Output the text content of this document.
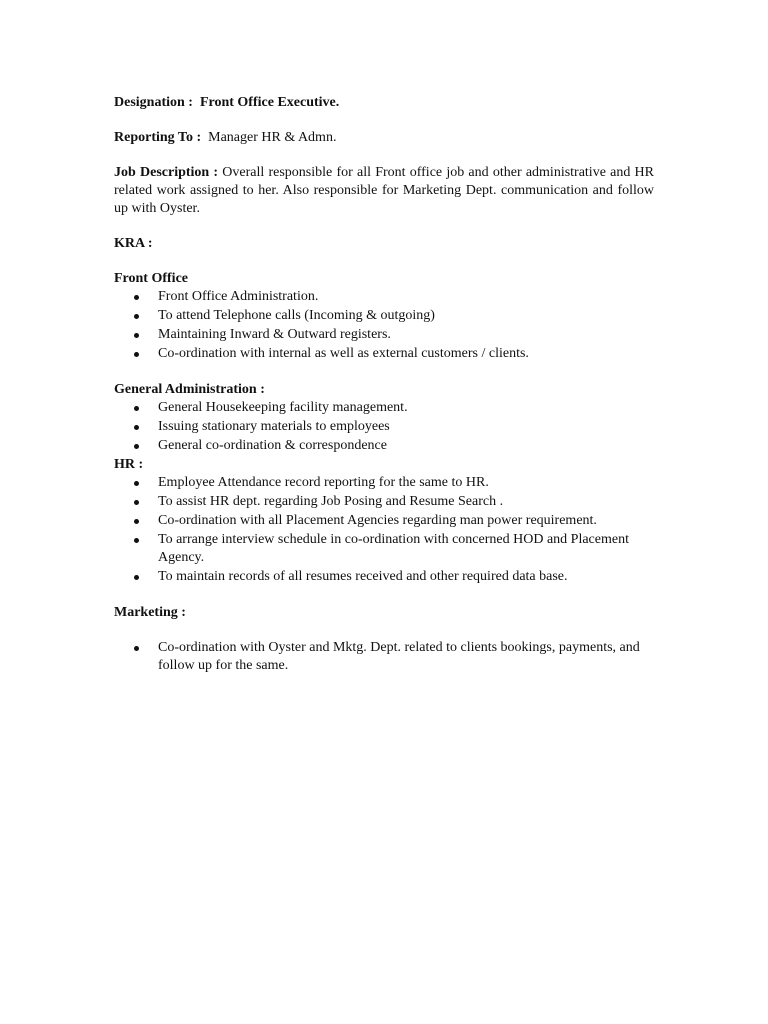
Designation : Front Office Executive.

Reporting To : Manager HR & Admn.

Job Description : Overall responsible for all Front office job and other administrative and HR related work assigned to her. Also responsible for Marketing Dept. communication and follow up with Oyster.

KRA :

Front Office

Front Office Administration.
To attend Telephone calls (Incoming & outgoing)
Maintaining Inward & Outward registers.
Co-ordination with internal as well as external customers / clients.

General Administration :

General Housekeeping facility management.
Issuing stationary materials to employees
General co-ordination & correspondence

HR :

Employee Attendance record reporting for the same to HR.
To assist HR dept. regarding Job Posing and Resume Search .
Co-ordination with all Placement Agencies regarding man power requirement.
To arrange interview schedule in co-ordination with concerned HOD and Placement Agency.
To maintain records of all resumes received and other required data base.

Marketing :

Co-ordination with Oyster and Mktg. Dept. related to clients bookings, payments, and follow up for the same.
